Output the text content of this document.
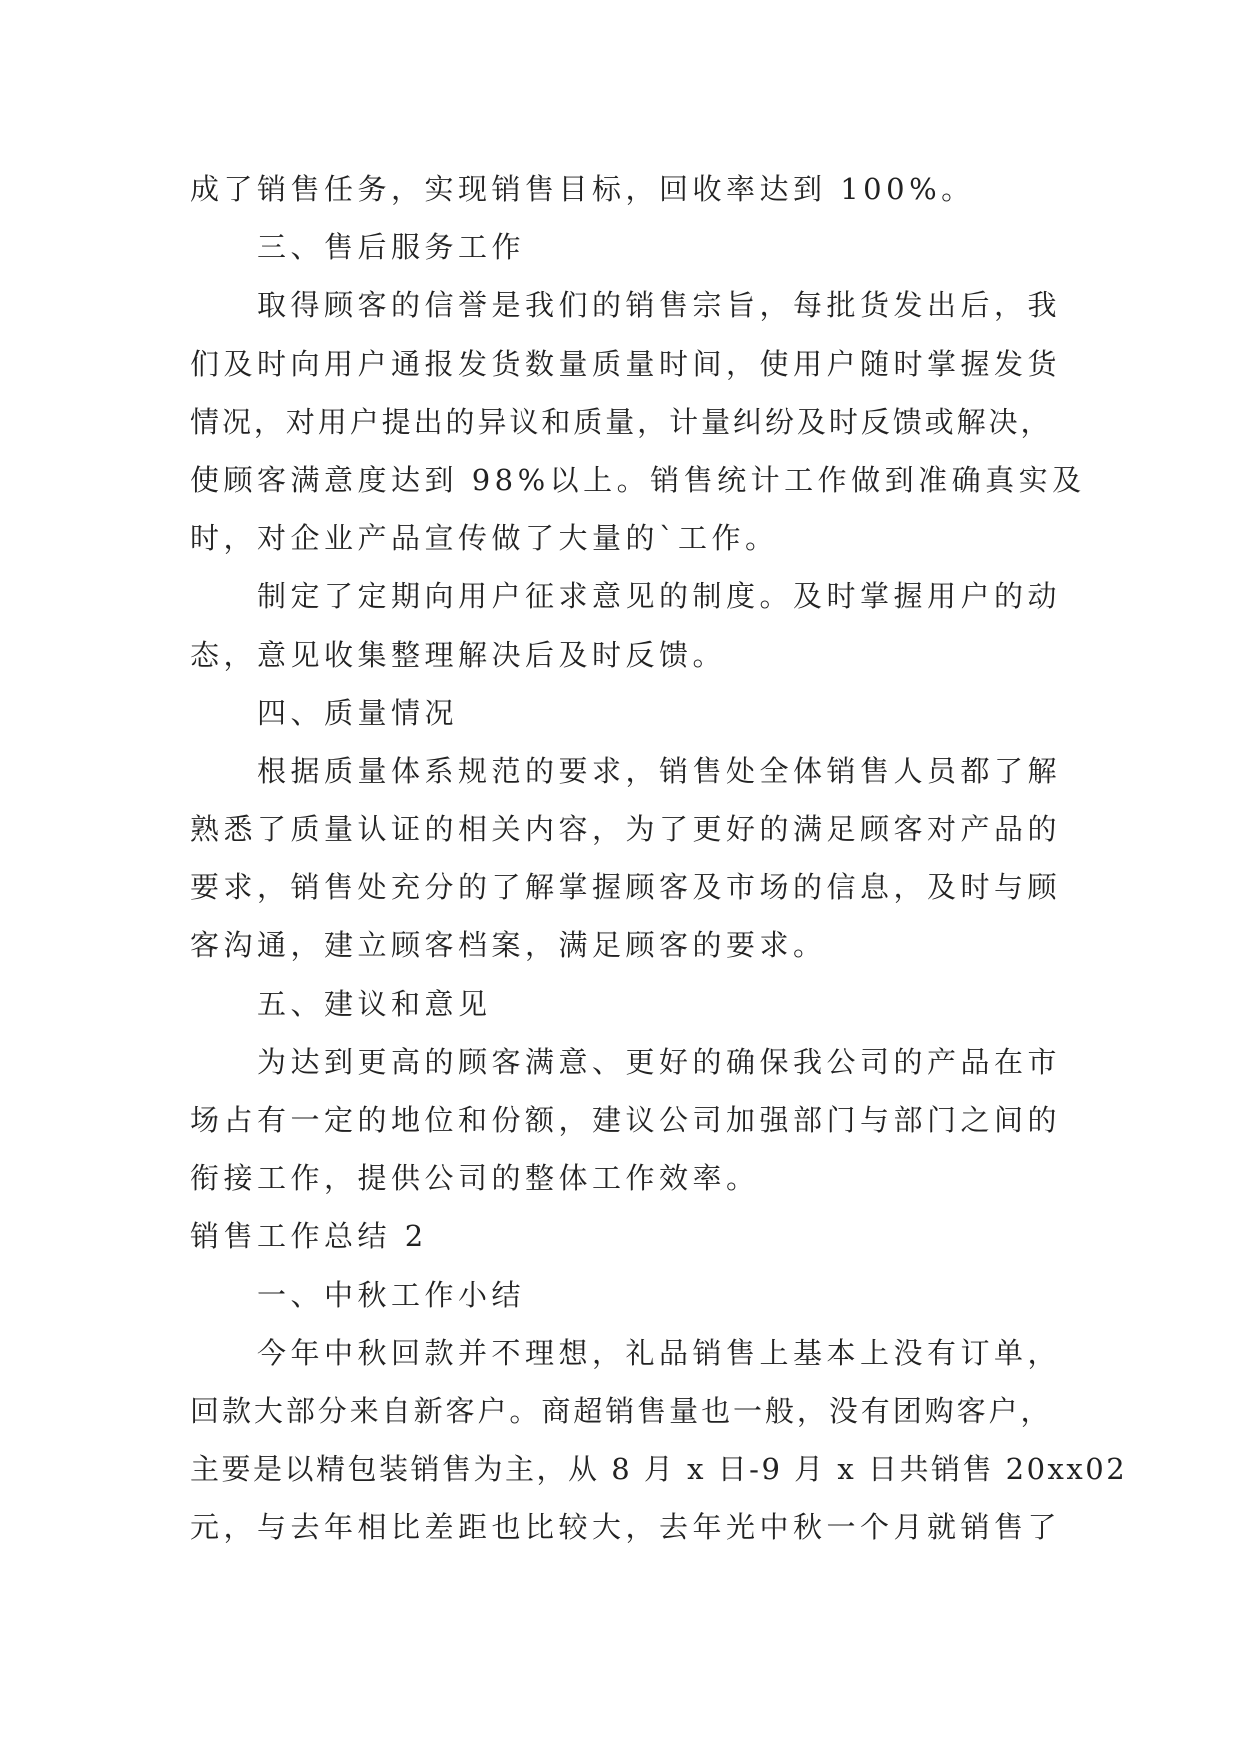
成了销售任务，实现销售目标，回收率达到 100%。
三、售后服务工作
取得顾客的信誉是我们的销售宗旨，每批货发出后，我
们及时向用户通报发货数量质量时间，使用户随时掌握发货
情况，对用户提出的异议和质量，计量纠纷及时反馈或解决，
使顾客满意度达到 98%以上。销售统计工作做到准确真实及
时，对企业产品宣传做了大量的`工作。
制定了定期向用户征求意见的制度。及时掌握用户的动
态，意见收集整理解决后及时反馈。
四、质量情况
根据质量体系规范的要求，销售处全体销售人员都了解
熟悉了质量认证的相关内容，为了更好的满足顾客对产品的
要求，销售处充分的了解掌握顾客及市场的信息，及时与顾
客沟通，建立顾客档案，满足顾客的要求。
五、建议和意见
为达到更高的顾客满意、更好的确保我公司的产品在市
场占有一定的地位和份额，建议公司加强部门与部门之间的
衔接工作，提供公司的整体工作效率。
销售工作总结 2
一、中秋工作小结
今年中秋回款并不理想，礼品销售上基本上没有订单，
回款大部分来自新客户。商超销售量也一般，没有团购客户，
主要是以精包装销售为主，从 8 月 x 日-9 月 x 日共销售 20xx02
元，与去年相比差距也比较大，去年光中秋一个月就销售了
